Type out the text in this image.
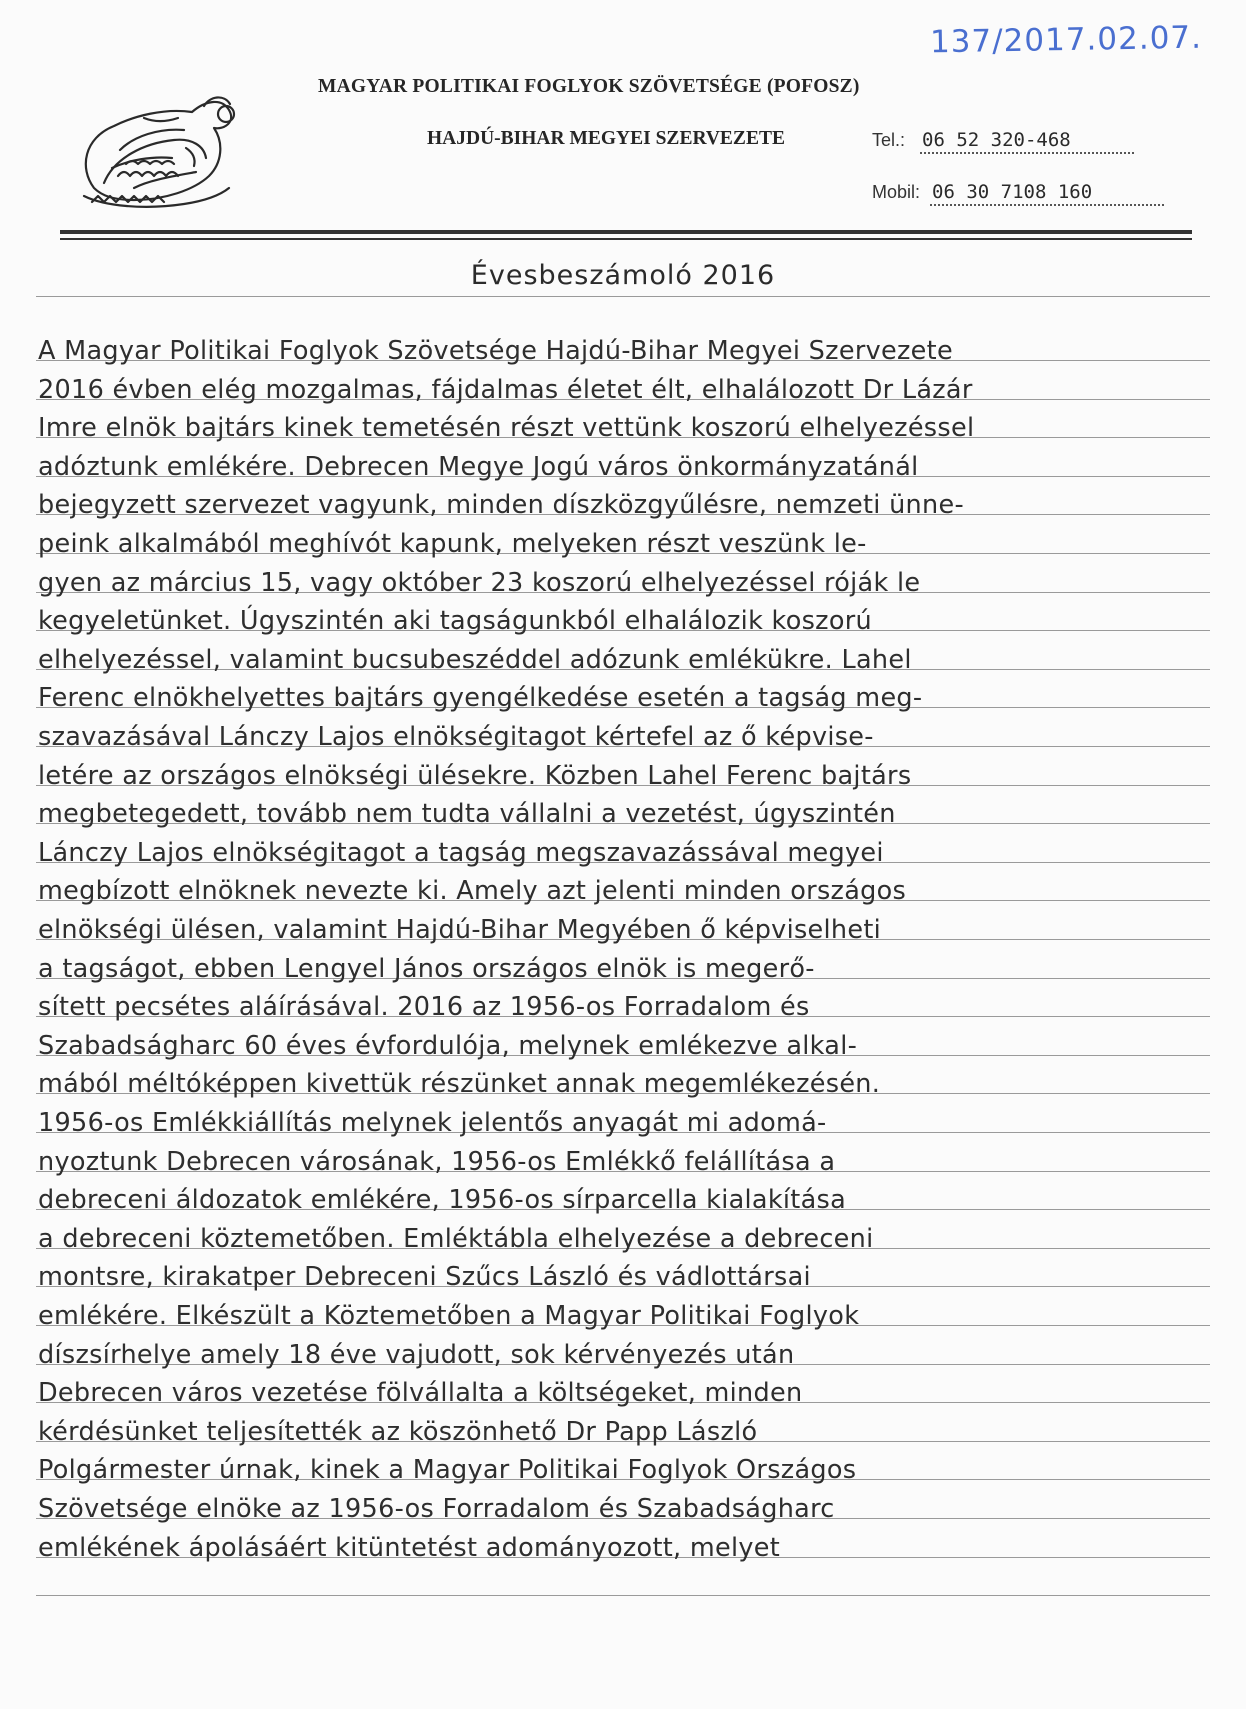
137/2017.02.07.
MAGYAR POLITIKAI FOGLYOK SZÖVETSÉGE (POFOSZ)
HAJDÚ-BIHAR MEGYEI SZERVEZETE	Tel.: 06 52 320-468
Mobil: 06 30 7108 160
Évesbeszámoló 2016
A Magyar Politikai Foglyok Szövetsége Hajdú-Bihar Megyei Szervezete
2016 évben elég mozgalmas, fájdalmas életet élt, elhalálozott Dr Lázár
Imre elnök bajtárs kinek temetésén részt vettünk koszorú elhelyezéssel
adóztunk emlékére. Debrecen Megye Jogú város önkormányzatánál
bejegyzett szervezet vagyunk, minden díszközgyűlésre, nemzeti ünne-
peink alkalmából meghívót kapunk, melyeken részt veszünk le-
gyen az március 15, vagy október 23 koszorú elhelyezéssel róják le
kegyeletünket. Úgyszintén aki tagságunkból elhalálozik koszorú
elhelyezéssel, valamint bucsubeszéddel adózunk emlékükre. Lahel
Ferenc elnökhelyettes bajtárs gyengélkedése esetén a tagság meg-
szavazásával Lánczy Lajos elnökségitagot kértefel az ő képvise-
letére az országos elnökségi ülésekre. Közben Lahel Ferenc bajtárs
megbetegedett, tovább nem tudta vállalni a vezetést, úgyszintén
Lánczy Lajos elnökségitagot a tagság megszavazássával megyei
megbízott elnöknek nevezte ki. Amely azt jelenti minden országos
elnökségi ülésen, valamint Hajdú-Bihar Megyében ő képviselheti
a tagságot, ebben Lengyel János országos elnök is megerő-
sített pecsétes aláírásával. 2016 az 1956-os Forradalom és
Szabadságharc 60 éves évfordulója, melynek emlékezve alkal-
mából méltóképpen kivettük részünket annak megemlékezésén.
1956-os Emlékkiállítás melynek jelentős anyagát mi adomá-
nyoztunk Debrecen városának, 1956-os Emlékkő felállítása a
debreceni áldozatok emlékére, 1956-os sírparcella kialakítása
a debreceni köztemetőben. Emléktábla elhelyezése a debreceni
montsre, kirakatper Debreceni Szűcs László és vádlottársai
emlékére. Elkészült a Köztemetőben a Magyar Politikai Foglyok
díszsírhelye amely 18 éve vajudott, sok kérvényezés után
Debrecen város vezetése fölvállalta a költségeket, minden
kérdésünket teljesítették az köszönhető Dr Papp László
Polgármester úrnak, kinek a Magyar Politikai Foglyok Országos
Szövetsége elnöke az 1956-os Forradalom és Szabadságharc
emlékének ápolásáért kitüntetést adományozott, melyet
